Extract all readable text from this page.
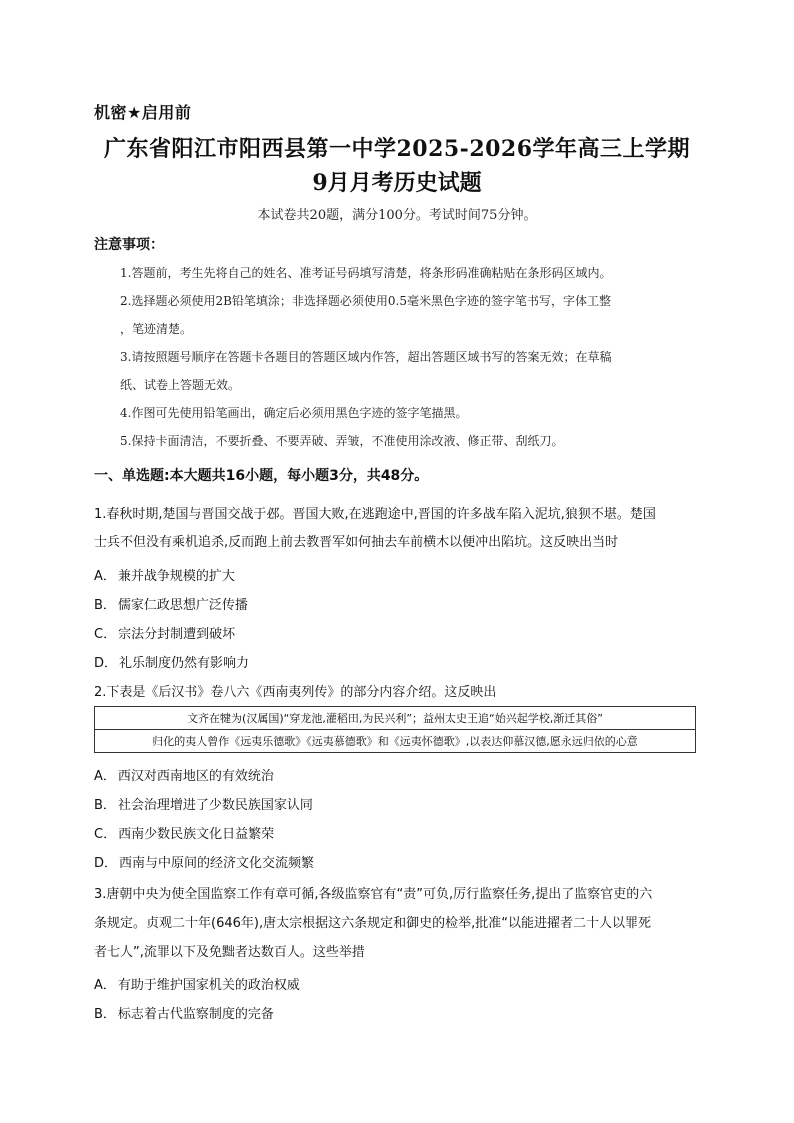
机密★启用前
广东省阳江市阳西县第一中学2025-2026学年高三上学期
9月月考历史试题
本试卷共20题，满分100分。考试时间75分钟。
注意事项：
1.答题前，考生先将自己的姓名、准考证号码填写清楚，将条形码准确粘贴在条形码区域内。
2.选择题必须使用2B铅笔填涂；非选择题必须使用0.5毫米黑色字迹的签字笔书写，字体工整
，笔迹清楚。
3.请按照题号顺序在答题卡各题目的答题区域内作答，超出答题区域书写的答案无效；在草稿
纸、试卷上答题无效。
4.作图可先使用铅笔画出，确定后必须用黑色字迹的签字笔描黑。
5.保持卡面清洁，不要折叠、不要弄破、弄皱，不准使用涂改液、修正带、刮纸刀。
一、单选题:本大题共16小题，每小题3分，共48分。
1.春秋时期,楚国与晋国交战于邲。晋国大败,在逃跑途中,晋国的许多战车陷入泥坑,狼狈不堪。楚国
士兵不但没有乘机追杀,反而跑上前去教晋军如何抽去车前横木以便冲出陷坑。这反映出当时
A． 兼并战争规模的扩大
B． 儒家仁政思想广泛传播
C． 宗法分封制遭到破坏
D． 礼乐制度仍然有影响力
2.下表是《后汉书》卷八六《西南夷列传》的部分内容介绍。这反映出
文齐在犍为(汉属国)“穿龙池,灌稻田,为民兴利”；益州太史王追“始兴起学校,渐迁其俗”
归化的夷人曾作《远夷乐德歌》《远夷慕德歌》和《远夷怀德歌》,以表达仰慕汉德,愿永远归依的心意
A． 西汉对西南地区的有效统治
B． 社会治理增进了少数民族国家认同
C． 西南少数民族文化日益繁荣
D． 西南与中原间的经济文化交流频繁
3.唐朝中央为使全国监察工作有章可循,各级监察官有“责”可负,厉行监察任务,提出了监察官吏的六
条规定。贞观二十年(646年),唐太宗根据这六条规定和御史的检举,批准“以能进擢者二十人以罪死
者七人”,流罪以下及免黜者达数百人。这些举措
A． 有助于维护国家机关的政治权威
B． 标志着古代监察制度的完备
